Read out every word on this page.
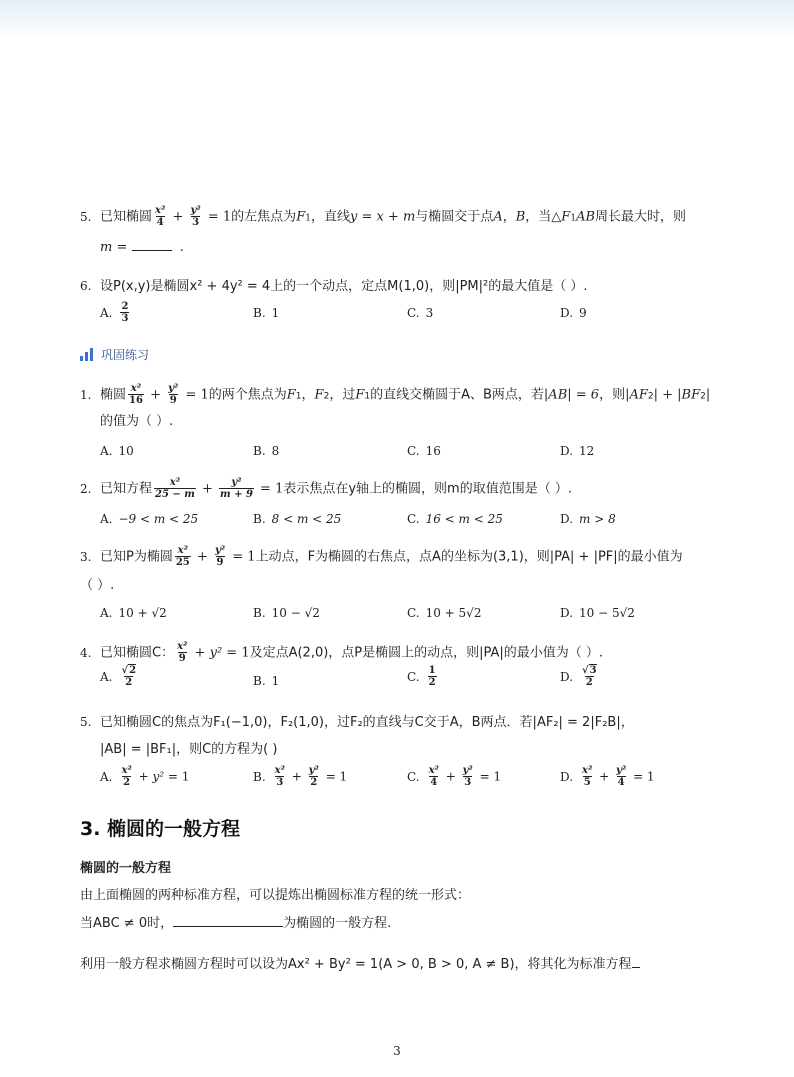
5. 已知椭圆 $\frac{\text{x²}}{4} + \frac{\text{y²}}{3} = 1$的左焦点为F1，直线y = x + m与椭圆交于点A，B，当△F1AB周长最大时，则
m =	.
6. 设P(x,y)是椭圆x² + 4y² = 4上的一个动点，定点M(1,0)，则|PM|²的最大值是（ ）.
A. $\frac{2}{3}$	B. 1	C. 3	D. 9
巩固练习
1. 椭圆 $\frac{\text{x²}}{16} + \frac{\text{y²}}{9} = 1$的两个焦点为F1，F2，过F1的直线交椭圆于A、B两点，若|AB| = 6，则|AF2| + |BF2|
的值为（ ）.
A. 10	B. 8	C. 16	D. 12
2. 已知方程 $\frac{\text{x²}}{25 - m} + \frac{\text{y²}}{m + 9} = 1$表示焦点在y轴上的椭圆，则m的取值范围是（ ）.
A. −9 < m < 25	B. 8 < m < 25	C. 16 < m < 25	D. m > 8
3. 已知P为椭圆 $\frac{\text{x²}}{25} + \frac{\text{y²}}{9} = 1$上动点，F为椭圆的右焦点，点A的坐标为(3,1)，则|PA| + |PF|的最小值为
（ ）.
A. 10 + √2	B. 10 − √2	C. 10 + 5√2	D. 10 − 5√2
4. 已知椭圆C： $\frac{\text{x²}}{9} + y^2 = 1$及定点A(2,0)，点P是椭圆上的动点，则|PA|的最小值为（ ）.
A. $\frac{√2}{2}$	B. 1	C. $\frac{1}{2}$	D. $\frac{√3}{2}$
5. 已知椭圆C的焦点为F₁(−1,0)，F₂(1,0)，过F₂的直线与C交于A，B两点．若|AF₂| = 2|F₂B|，
|AB| = |BF₁|，则C的方程为( )
A. $\frac{\text{x²}}{2} + y^2 = 1$	B. $\frac{\text{x²}}{3} + \frac{\text{y²}}{2} = 1$	C. $\frac{\text{x²}}{4} + \frac{\text{y²}}{3} = 1$	D. $\frac{\text{x²}}{5} + \frac{\text{y²}}{4} = 1$
3. 椭圆的一般方程
椭圆的一般方程
由上面椭圆的两种标准方程，可以提炼出椭圆标准方程的统一形式：
当ABC ≠ 0时，	为椭圆的一般方程.
利用一般方程求椭圆方程时可以设为Ax² + By² = 1(A > 0, B > 0, A ≠ B)，将其化为标准方程
3
